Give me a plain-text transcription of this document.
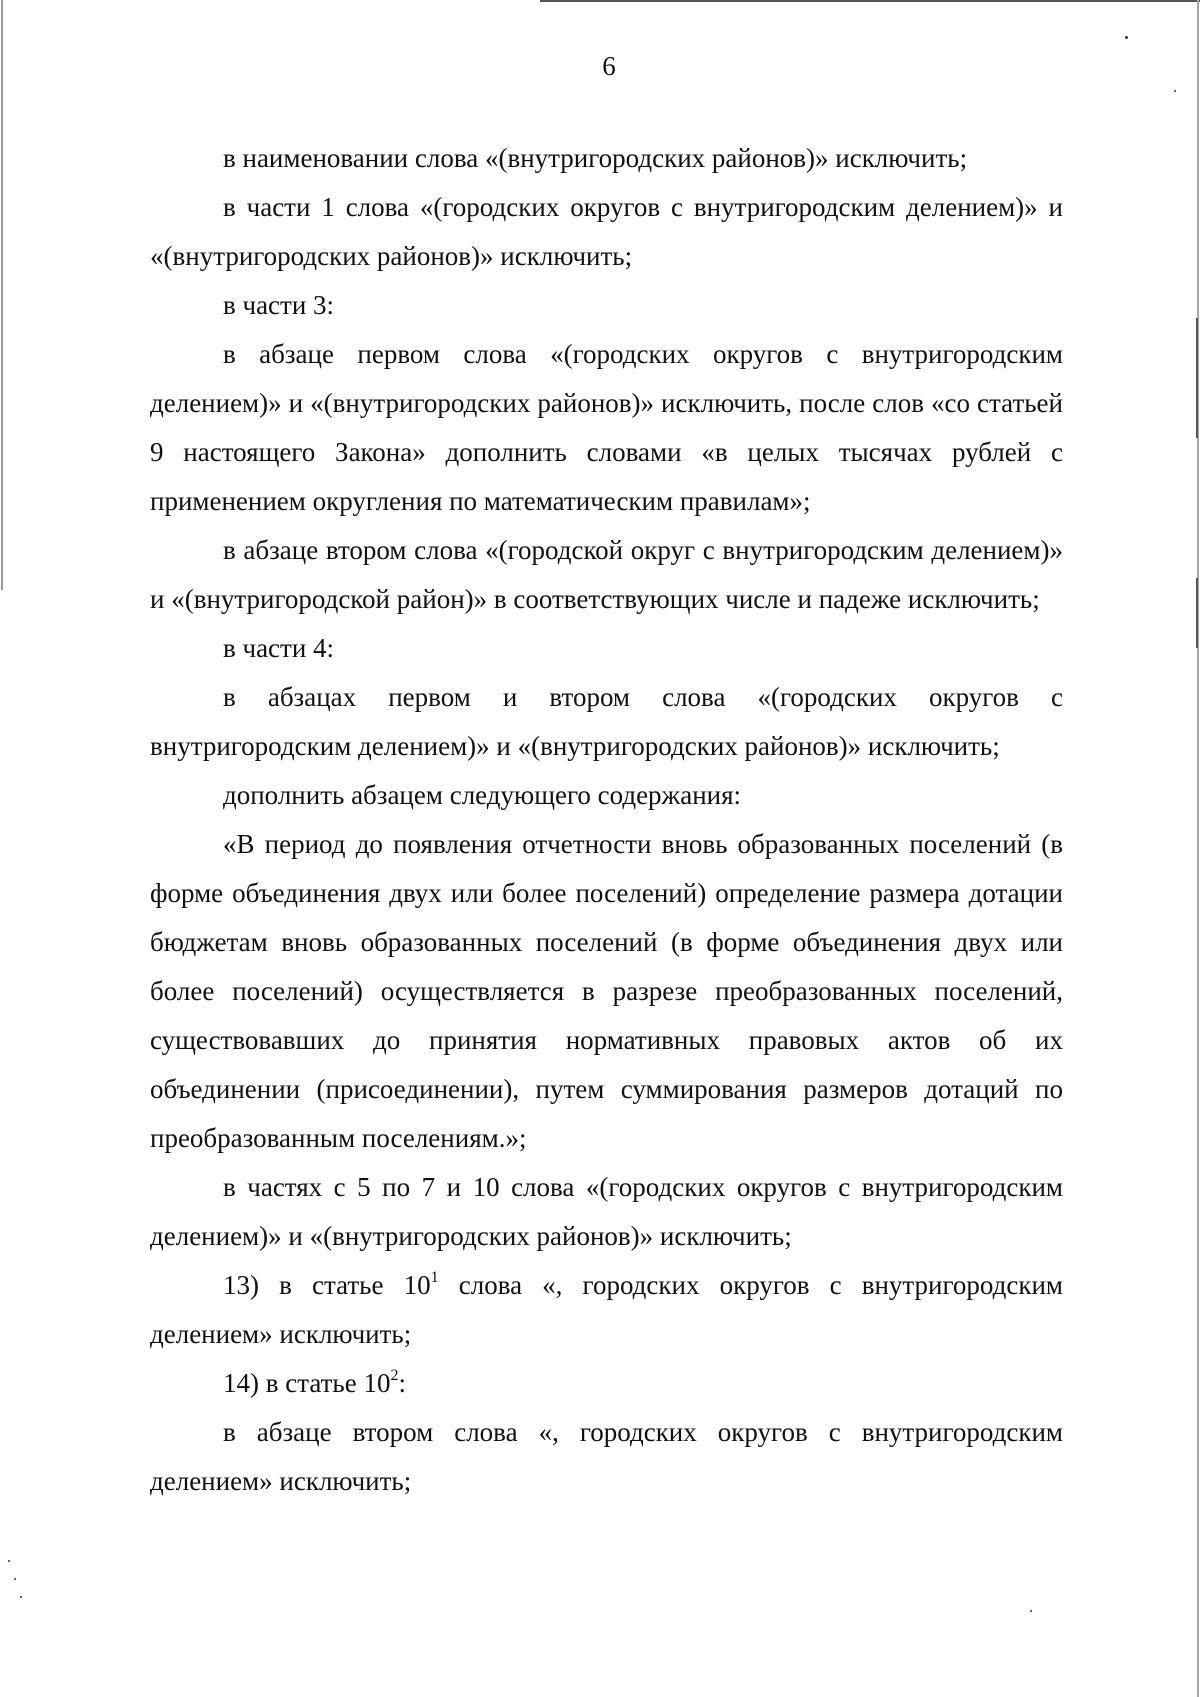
6

в наименовании слова «(внутригородских районов)» исключить;

в части 1 слова «(городских округов с внутригородским делением)» и «(внутригородских районов)» исключить;

в части 3:

в абзаце первом слова «(городских округов с внутригородским делением)» и «(внутригородских районов)» исключить, после слов «со статьей 9 настоящего Закона» дополнить словами «в целых тысячах рублей с применением округления по математическим правилам»;

в абзаце втором слова «(городской округ с внутригородским делением)» и «(внутригородской район)» в соответствующих числе и падеже исключить;

в части 4:

в абзацах первом и втором слова «(городских округов с внутригородским делением)» и «(внутригородских районов)» исключить;

дополнить абзацем следующего содержания:

«В период до появления отчетности вновь образованных поселений (в форме объединения двух или более поселений) определение размера дотации бюджетам вновь образованных поселений (в форме объединения двух или более поселений) осуществляется в разрезе преобразованных поселений, существовавших до принятия нормативных правовых актов об их объединении (присоединении), путем суммирования размеров дотаций по преобразованным поселениям.»;

в частях с 5 по 7 и 10 слова «(городских округов с внутригородским делением)» и «(внутригородских районов)» исключить;

13) в статье $10^1$ слова «, городских округов с внутригородским делением» исключить;

14) в статье $10^2$:

в абзаце втором слова «, городских округов с внутригородским делением» исключить;
